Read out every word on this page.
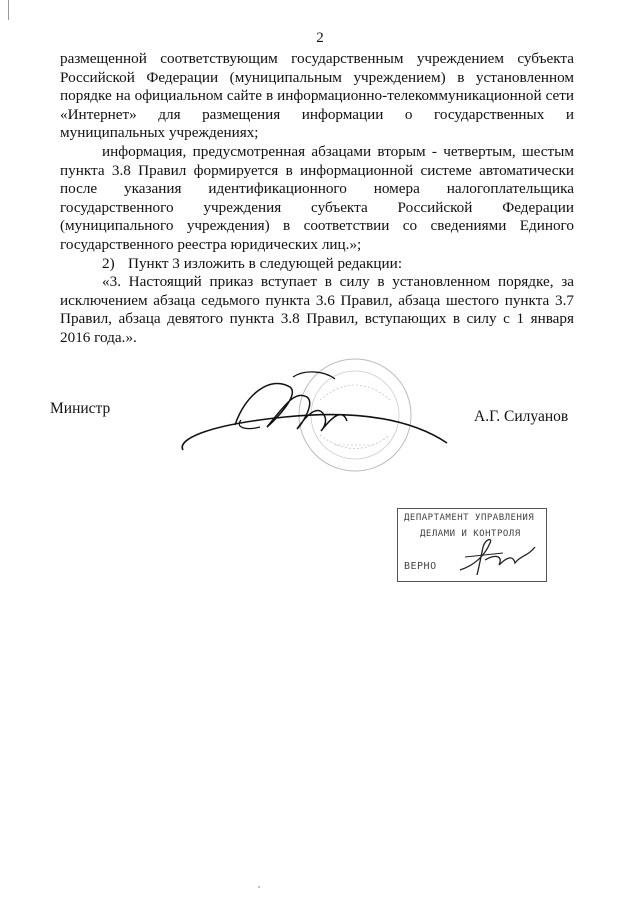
2

размещенной соответствующим государственным учреждением субъекта Российской Федерации (муниципальным учреждением) в установленном порядке на официальном сайте в информационно-телекоммуникационной сети «Интернет» для размещения информации о государственных и муниципальных учреждениях;

информация, предусмотренная абзацами вторым - четвертым, шестым пункта 3.8 Правил формируется в информационной системе автоматически после указания идентификационного номера налогоплательщика государственного учреждения субъекта Российской Федерации (муниципального учреждения) в соответствии со сведениями Единого государственного реестра юридических лиц.»;

2) Пункт 3 изложить в следующей редакции:

«3. Настоящий приказ вступает в силу в установленном порядке, за исключением абзаца седьмого пункта 3.6 Правил, абзаца шестого пункта 3.7 Правил, абзаца девятого пункта 3.8 Правил, вступающих в силу с 1 января 2016 года.».

Министр	А.Г. Силуанов
ДЕПАРТАМЕНТ УПРАВЛЕНИЯ
ДЕЛАМИ И КОНТРОЛЯ
ВЕРНО
